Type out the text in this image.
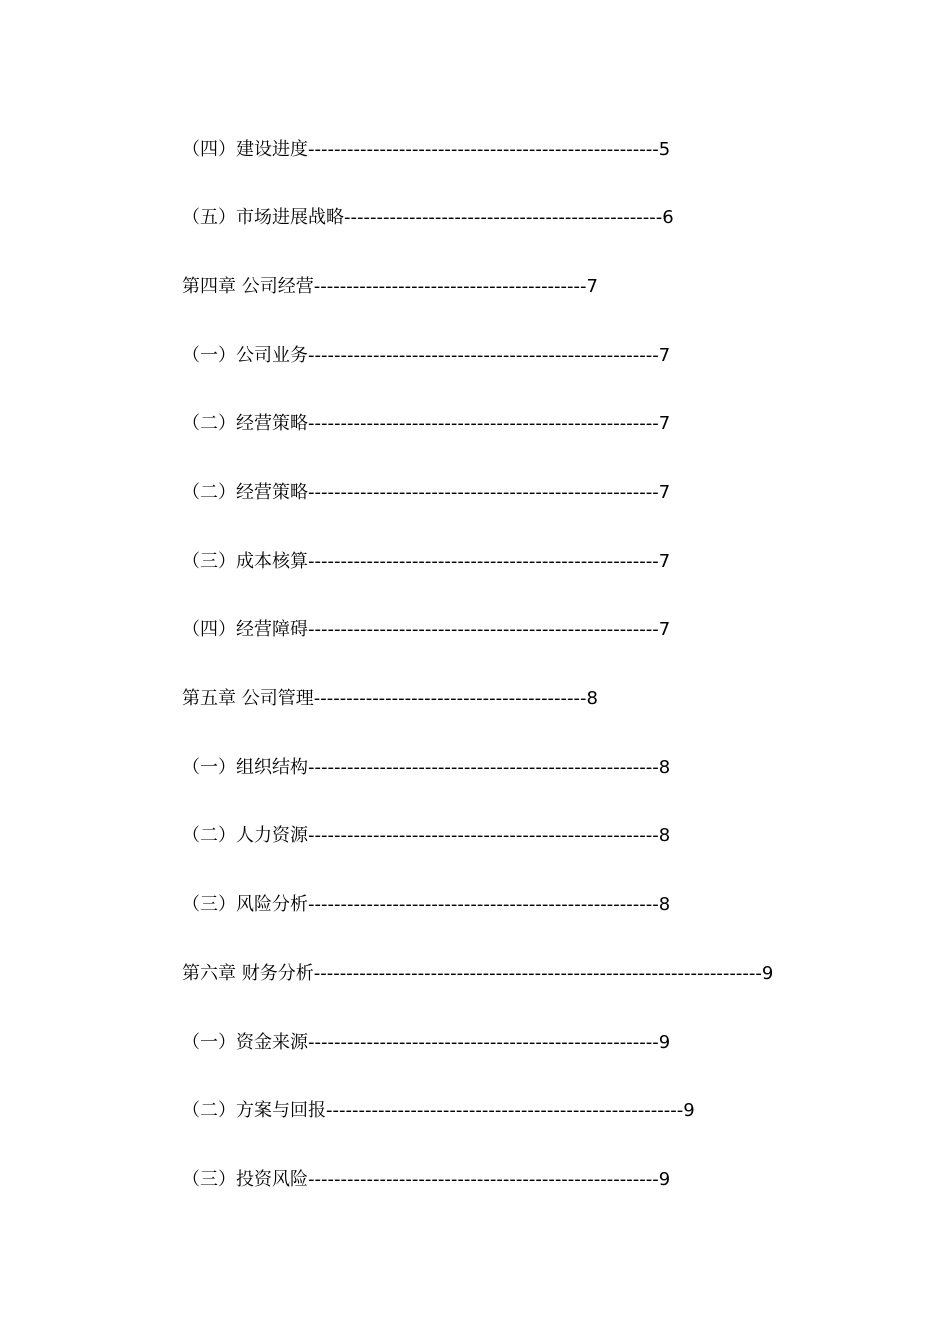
（四）建设进度------------------------------------------------------5
（五）市场进展战略-------------------------------------------------6
第四章 公司经营------------------------------------------7
（一）公司业务------------------------------------------------------7
（二）经营策略------------------------------------------------------7
（二）经营策略------------------------------------------------------7
（三）成本核算------------------------------------------------------7
（四）经营障碍------------------------------------------------------7
第五章 公司管理------------------------------------------8
（一）组织结构------------------------------------------------------8
（二）人力资源------------------------------------------------------8
（三）风险分析------------------------------------------------------8
第六章 财务分析---------------------------------------------------------------------9
（一）资金来源------------------------------------------------------9
（二）方案与回报-------------------------------------------------------9
（三）投资风险------------------------------------------------------9
